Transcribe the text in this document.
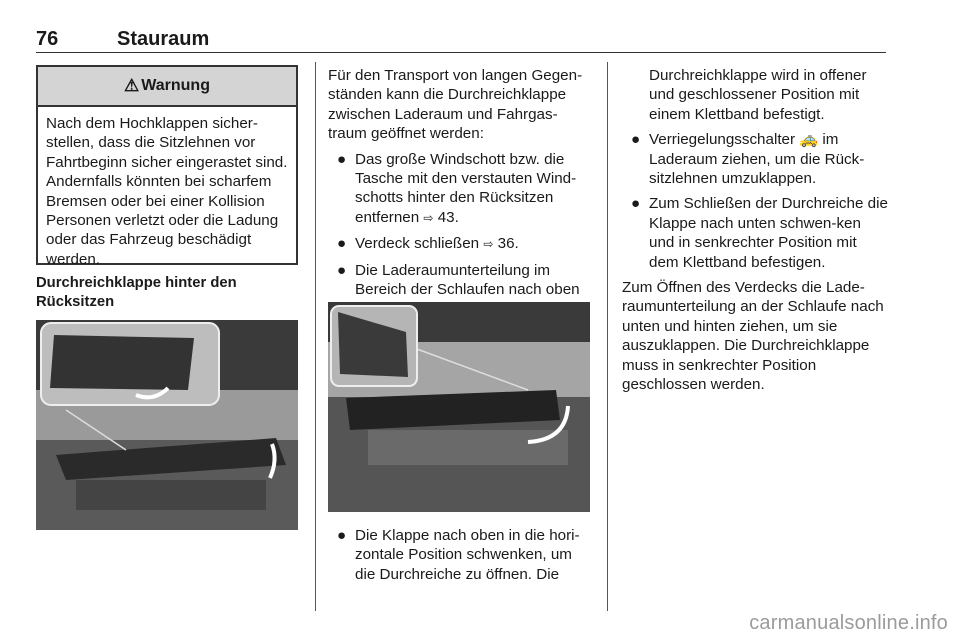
76	Stauraum
⚠ Warnung
Nach dem Hochklappen sicher-stellen, dass die Sitzlehnen vor Fahrtbeginn sicher eingerastet sind. Andernfalls könnten bei scharfem Bremsen oder bei einer Kollision Personen verletzt oder die Ladung oder das Fahrzeug beschädigt werden.
Durchreichklappe hinter den Rücksitzen
Für den Transport von langen Gegen-ständen kann die Durchreichklappe zwischen Laderaum und Fahrgas-traum geöffnet werden:
● Das große Windschott bzw. die Tasche mit den verstauten Wind-schotts hinter den Rücksitzen entfernen ⇨ 43.
● Verdeck schließen ⇨ 36.
● Die Laderaumunterteilung im Bereich der Schlaufen nach oben
● Die Klappe nach oben in die hori-zontale Position schwenken, um die Durchreiche zu öffnen. Die
Durchreichklappe wird in offener und geschlossener Position mit einem Klettband befestigt.
● Verriegelungsschalter 🚕 im Laderaum ziehen, um die Rück-sitzlehnen umzuklappen.
● Zum Schließen der Durchreiche die Klappe nach unten schwen-ken und in senkrechter Position mit dem Klettband befestigen.
Zum Öffnen des Verdecks die Lade-raumunterteilung an der Schlaufe nach unten und hinten ziehen, um sie auszuklappen. Die Durchreichklappe muss in senkrechter Position geschlossen werden.
carmanualsonline.info
